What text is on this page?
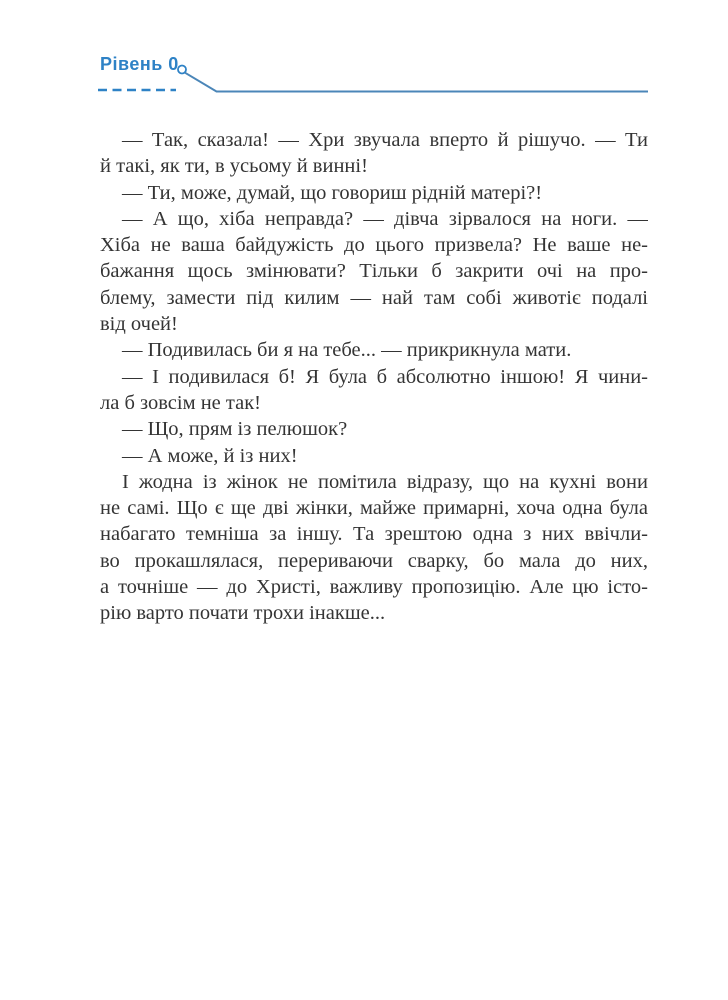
Рівень 0

— Так, сказала! — Хри звучала вперто й рішучо. — Ти
й такі, як ти, в усьому й винні!

— Ти, може, думай, що говориш рідній матері?!

— А що, хіба неправда? — дівча зірвалося на ноги. —
Хіба не ваша байдужість до цього призвела? Не ваше не-
бажання щось змінювати? Тільки б закрити очі на про-
блему, замести під килим — най там собі животіє подалі
від очей!

— Подивилась би я на тебе... — прикрикнула мати.

— І подивилася б! Я була б абсолютно іншою! Я чини-
ла б зовсім не так!

— Що, прям із пелюшок?

— А може, й із них!

І жодна із жінок не помітила відразу, що на кухні вони
не самі. Що є ще дві жінки, майже примарні, хоча одна була
набагато темніша за іншу. Та зрештою одна з них ввічли-
во прокашлялася, перериваючи сварку, бо мала до них,
а точніше — до Христі, важливу пропозицію. Але цю істо-
рію варто почати трохи інакше...
